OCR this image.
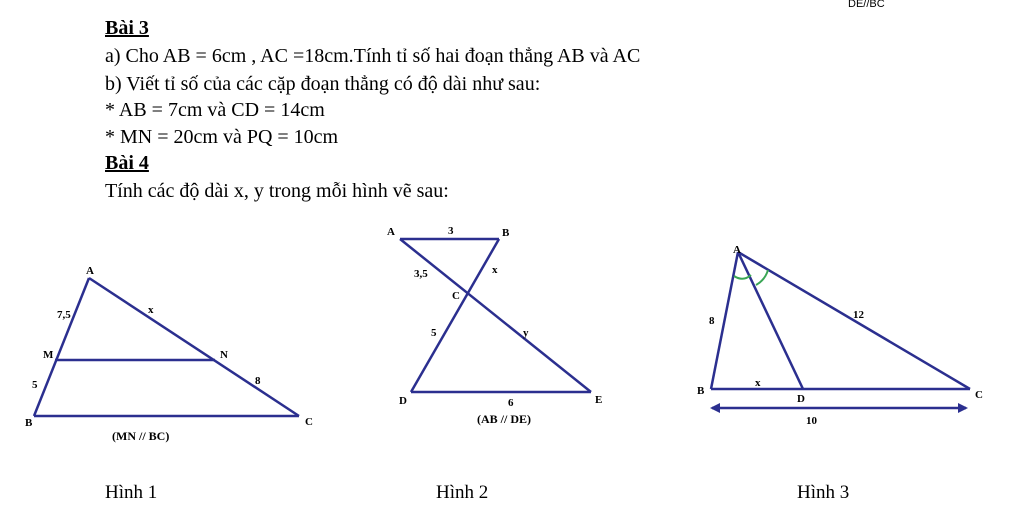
DE//BC
Bài 3
a) Cho AB = 6cm , AC =18cm.Tính tỉ số hai đoạn thẳng AB và AC
b) Viết tỉ số của các cặp đoạn thẳng có độ dài như sau:
* AB = 7cm và CD = 14cm
* MN = 20cm và PQ = 10cm
Bài 4
Tính các độ dài x, y trong mỗi hình vẽ sau:
A
M	N
B	C
7,5
5
x
8
(MN // BC)
A	B
C
D	E
3
3,5	x
5	y
6
(AB // DE)
A
B	C
D
8	12
x
10
Hình 1	Hình 2	Hình 3
